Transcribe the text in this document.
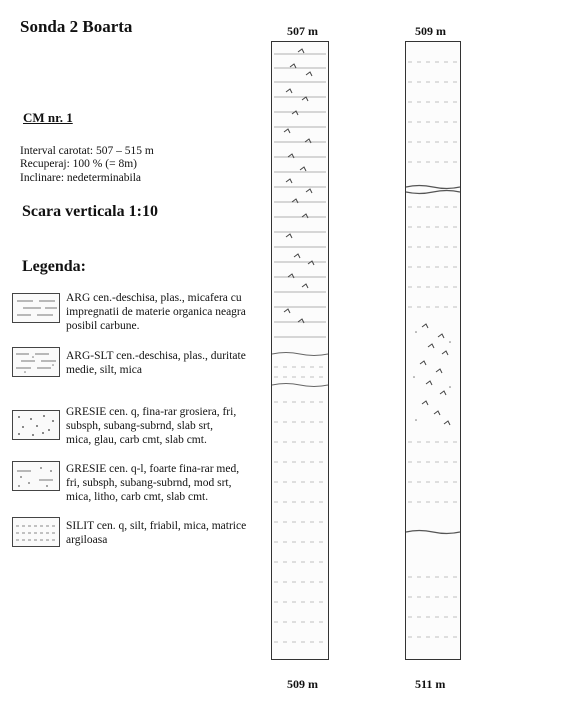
Sonda 2 Boarta
CM nr. 1
Interval carotat: 507 – 515 m
Recuperaj: 100 % (= 8m)
Inclinare: nedeterminabila
Scara verticala 1:10
Legenda:
ARG cen.-deschisa, plas., micafera cu
impregnatii de materie organica neagra
posibil carbune.
ARG-SLT cen.-deschisa, plas., duritate
medie, silt, mica
GRESIE cen. q, fina-rar grosiera, fri,
subsph, subang-subrnd, slab srt,
mica, glau, carb cmt, slab cmt.
GRESIE cen. q-l, foarte fina-rar med,
fri, subsph, subang-subrnd, mod srt,
mica, litho, carb cmt, slab cmt.
SILIT cen. q, silt, friabil, mica, matrice
argiloasa
507 m	509 m
509 m	511 m
